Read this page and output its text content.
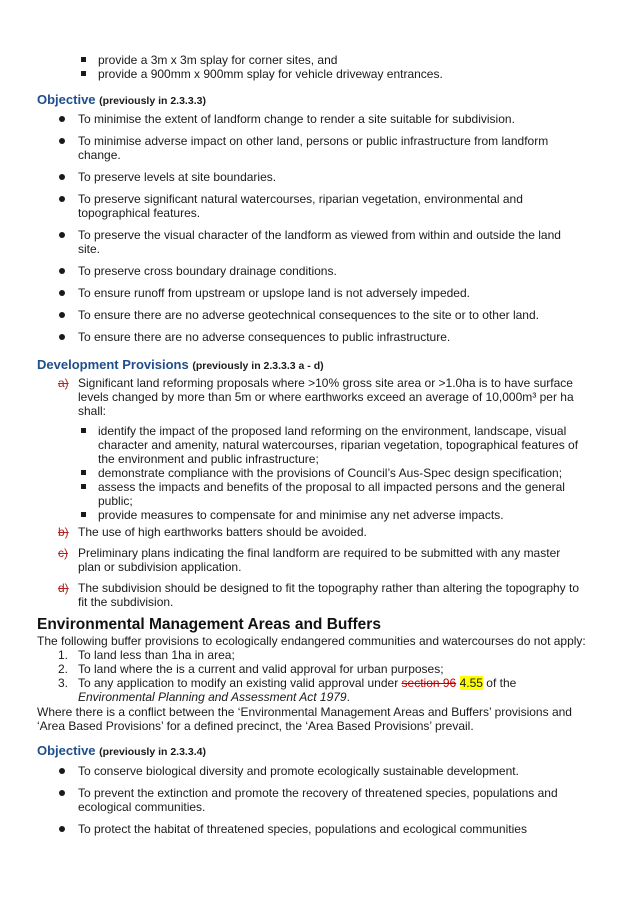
provide a 3m x 3m splay for corner sites, and
provide a 900mm x 900mm splay for vehicle driveway entrances.
Objective (previously in 2.3.3.3)
To minimise the extent of landform change to render a site suitable for subdivision.
To minimise adverse impact on other land, persons or public infrastructure from landform change.
To preserve levels at site boundaries.
To preserve significant natural watercourses, riparian vegetation, environmental and topographical features.
To preserve the visual character of the landform as viewed from within and outside the land site.
To preserve cross boundary drainage conditions.
To ensure runoff from upstream or upslope land is not adversely impeded.
To ensure there are no adverse geotechnical consequences to the site or to other land.
To ensure there are no adverse consequences to public infrastructure.
Development Provisions (previously in 2.3.3.3 a - d)
a) Significant land reforming proposals where >10% gross site area or >1.0ha is to have surface levels changed by more than 5m or where earthworks exceed an average of 10,000m³ per ha shall:
identify the impact of the proposed land reforming on the environment, landscape, visual character and amenity, natural watercourses, riparian vegetation, topographical features of the environment and public infrastructure;
demonstrate compliance with the provisions of Council’s Aus-Spec design specification;
assess the impacts and benefits of the proposal to all impacted persons and the general public;
provide measures to compensate for and minimise any net adverse impacts.
b) The use of high earthworks batters should be avoided.
c) Preliminary plans indicating the final landform are required to be submitted with any master plan or subdivision application.
d) The subdivision should be designed to fit the topography rather than altering the topography to fit the subdivision.
Environmental Management Areas and Buffers

The following buffer provisions to ecologically endangered communities and watercourses do not apply:

1. To land less than 1ha in area;
2. To land where the is a current and valid approval for urban purposes;
3. To any application to modify an existing valid approval under section 96 4.55 of the
Environmental Planning and Assessment Act 1979.

Where there is a conflict between the ‘Environmental Management Areas and Buffers’ provisions and ‘Area Based Provisions’ for a defined precinct, the ‘Area Based Provisions’ prevail.

Objective (previously in 2.3.3.4)
To conserve biological diversity and promote ecologically sustainable development.
To prevent the extinction and promote the recovery of threatened species, populations and ecological communities.
To protect the habitat of threatened species, populations and ecological communities
